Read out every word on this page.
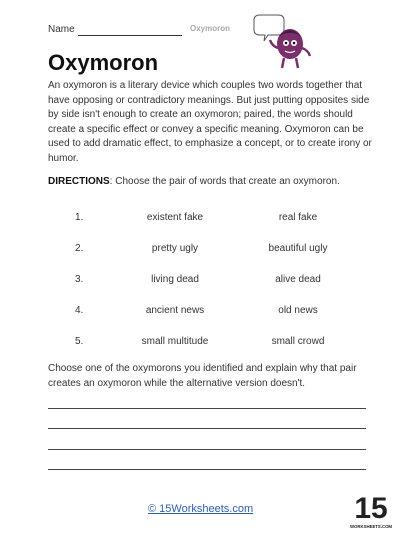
Name	Oxymoron
Oxymoron

An oxymoron is a literary device which couples two words together that have opposing or contradictory meanings. But just putting opposites side by side isn't enough to create an oxymoron; paired, the words should create a specific effect or convey a specific meaning. Oxymoron can be used to add dramatic effect, to emphasize a concept, or to create irony or humor.

DIRECTIONS: Choose the pair of words that create an oxymoron.

1.	existent fake	real fake
2.	pretty ugly	beautiful ugly
3.	living dead	alive dead
4.	ancient news	old news
5.	small multitude	small crowd

Choose one of the oxymorons you identified and explain why that pair creates an oxymoron while the alternative version doesn't.

© 15Worksheets.com	15
WORKSHEETS.COM
